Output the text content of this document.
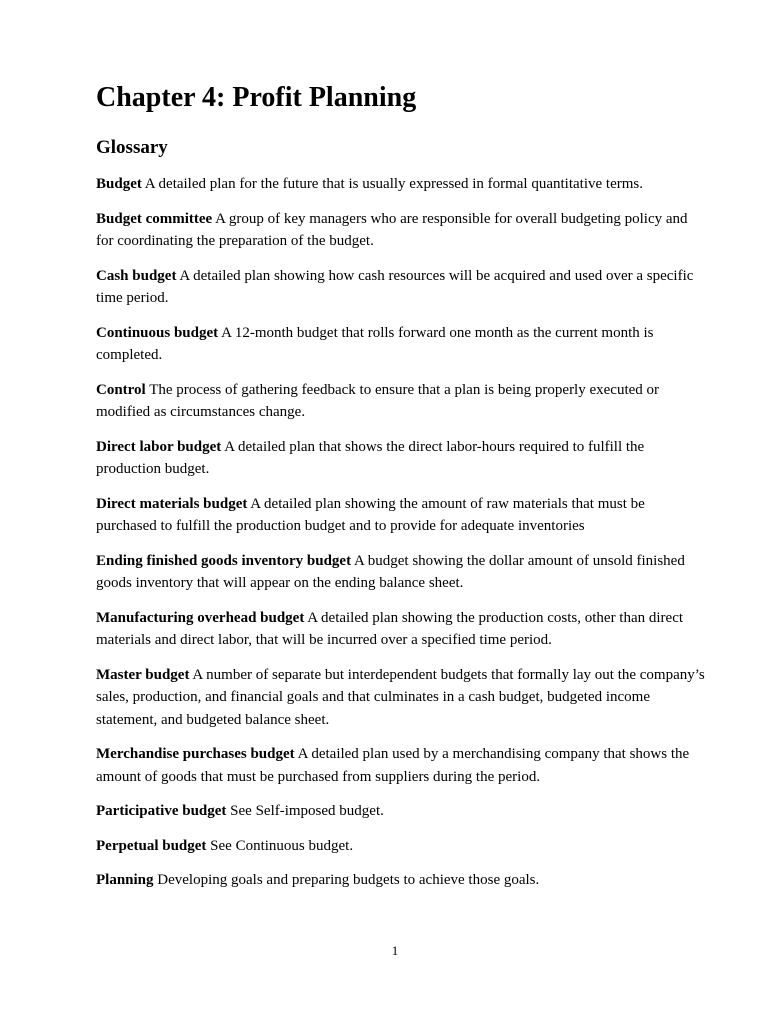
Chapter 4: Profit Planning
Glossary

Budget A detailed plan for the future that is usually expressed in formal quantitative terms.

Budget committee A group of key managers who are responsible for overall budgeting policy and for coordinating the preparation of the budget.

Cash budget A detailed plan showing how cash resources will be acquired and used over a specific time period.

Continuous budget A 12-month budget that rolls forward one month as the current month is completed.

Control The process of gathering feedback to ensure that a plan is being properly executed or modified as circumstances change.

Direct labor budget A detailed plan that shows the direct labor-hours required to fulfill the production budget.

Direct materials budget A detailed plan showing the amount of raw materials that must be purchased to fulfill the production budget and to provide for adequate inventories

Ending finished goods inventory budget A budget showing the dollar amount of unsold finished goods inventory that will appear on the ending balance sheet.

Manufacturing overhead budget A detailed plan showing the production costs, other than direct materials and direct labor, that will be incurred over a specified time period.

Master budget A number of separate but interdependent budgets that formally lay out the company’s sales, production, and financial goals and that culminates in a cash budget, budgeted income statement, and budgeted balance sheet.

Merchandise purchases budget A detailed plan used by a merchandising company that shows the amount of goods that must be purchased from suppliers during the period.

Participative budget See Self-imposed budget.

Perpetual budget See Continuous budget.

Planning Developing goals and preparing budgets to achieve those goals.

1
